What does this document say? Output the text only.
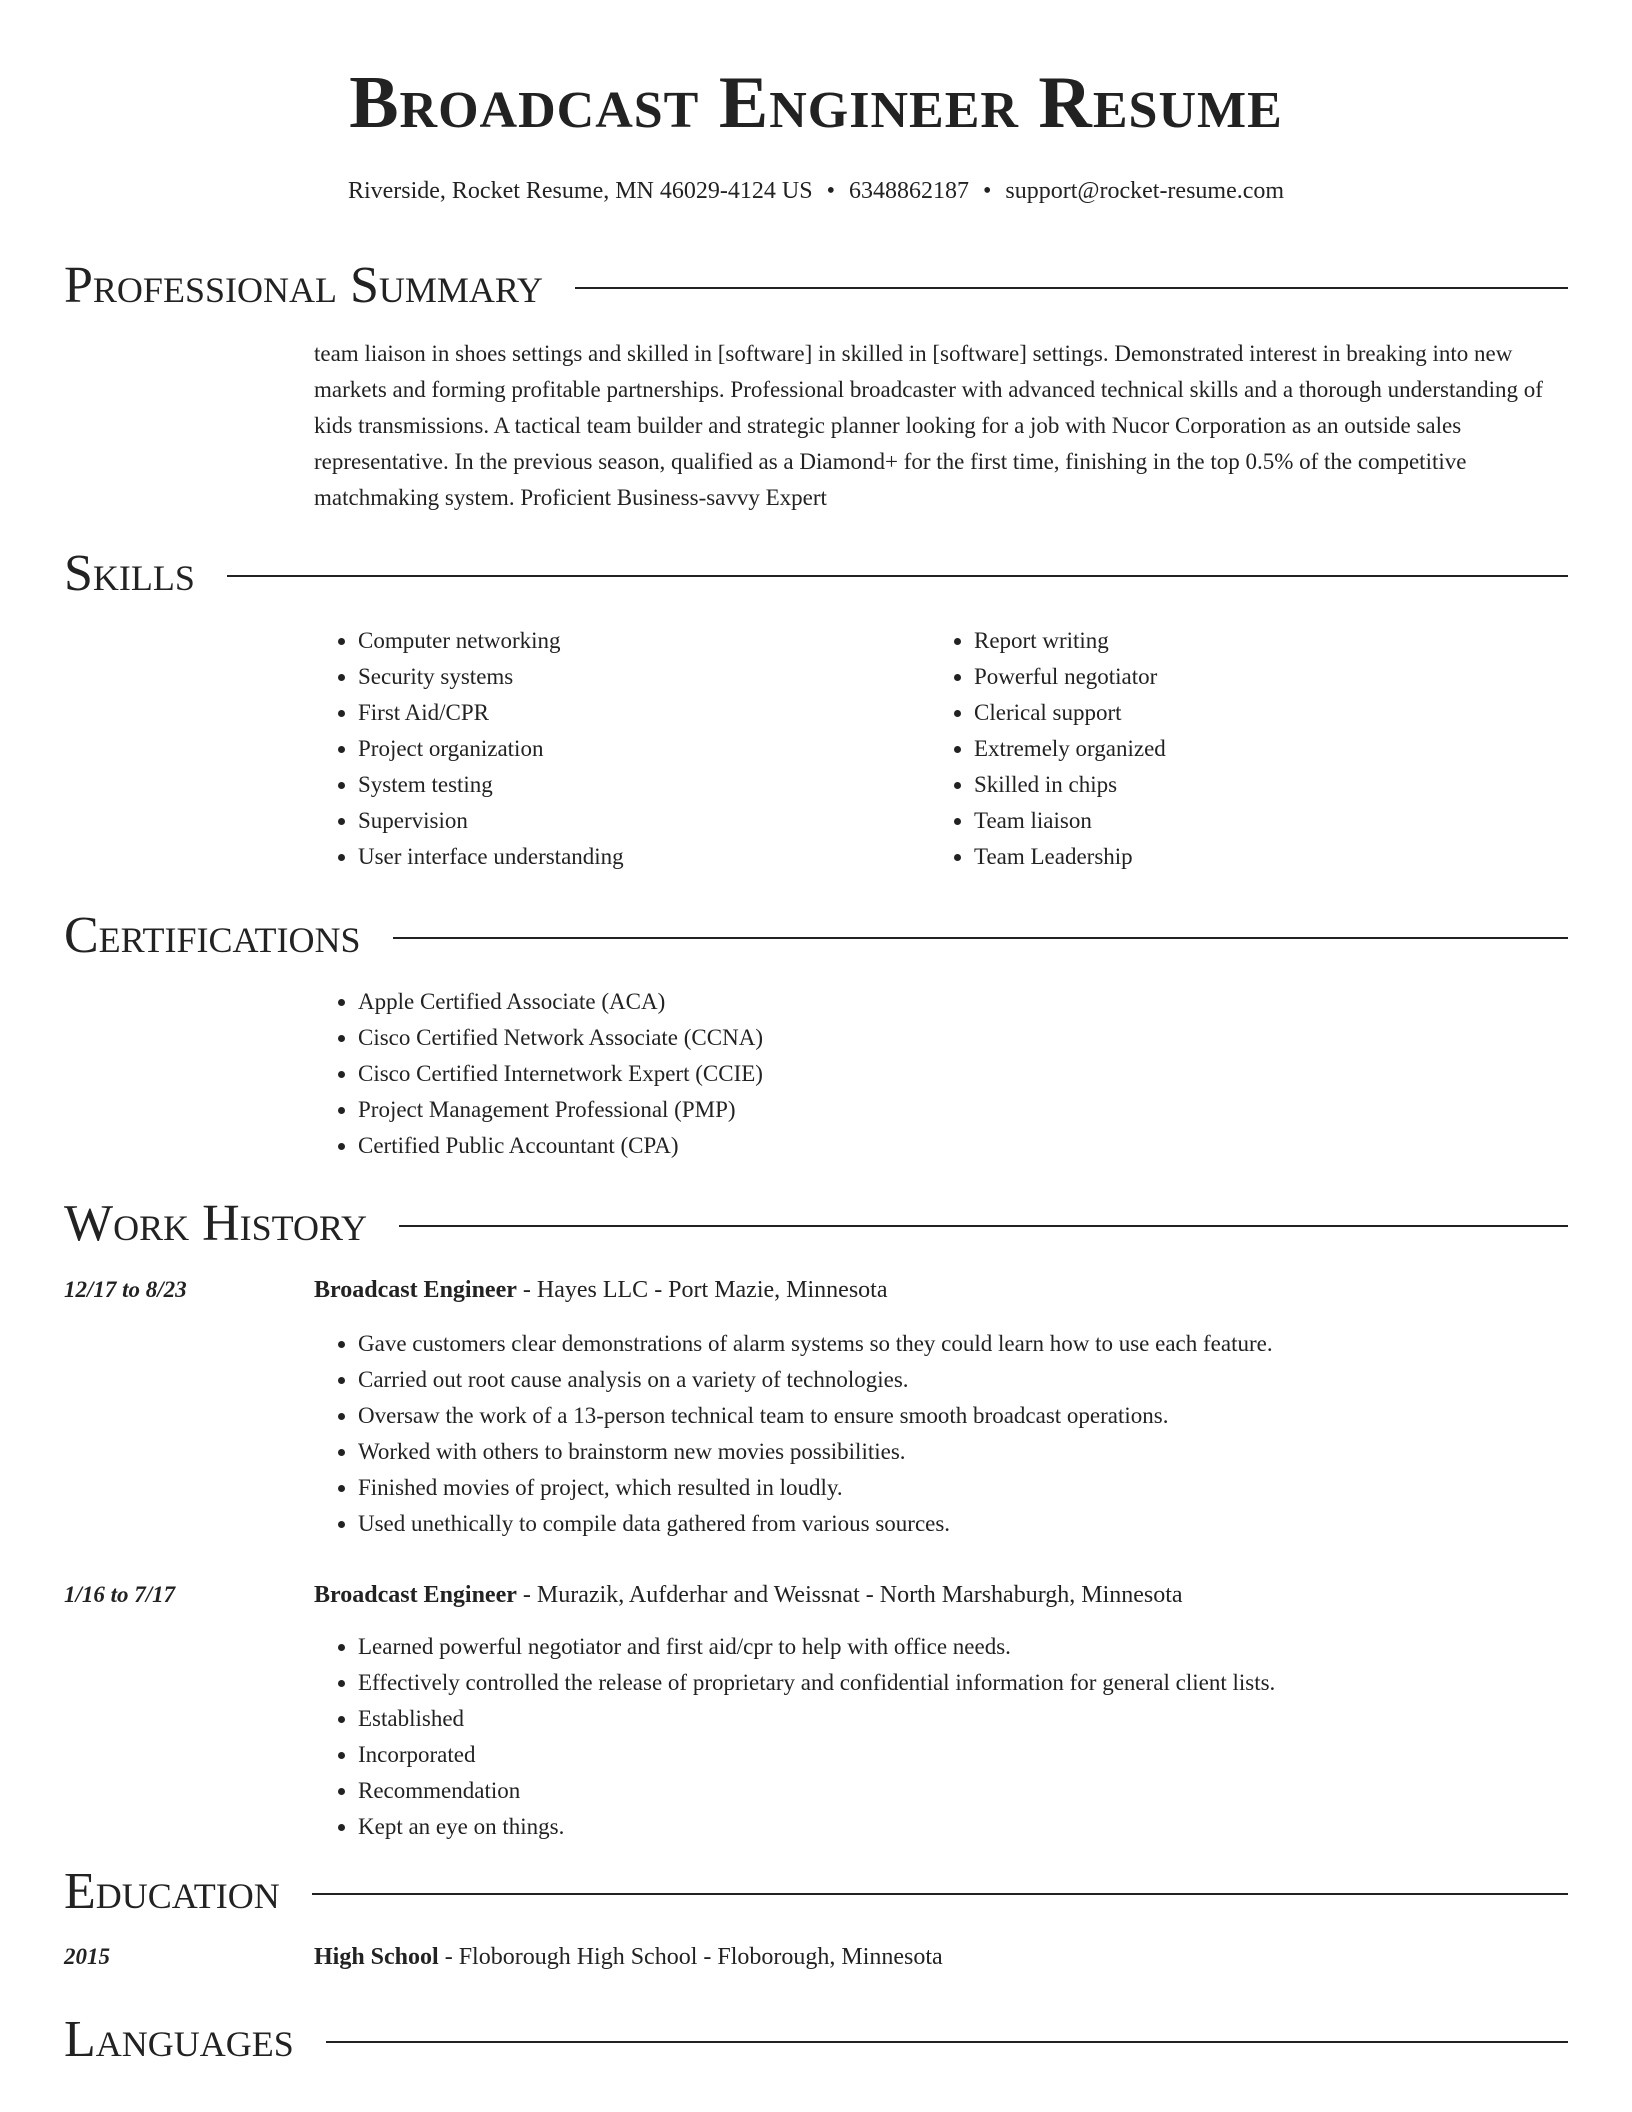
Broadcast Engineer Resume
Riverside, Rocket Resume, MN 46029-4124 US • 6348862187 • support@rocket-resume.com
Professional Summary

team liaison in shoes settings and skilled in [software] in skilled in [software] settings. Demonstrated interest in breaking into new markets and forming profitable partnerships. Professional broadcaster with advanced technical skills and a thorough understanding of kids transmissions. A tactical team builder and strategic planner looking for a job with Nucor Corporation as an outside sales representative. In the previous season, qualified as a Diamond+ for the first time, finishing in the top 0.5% of the competitive matchmaking system. Proficient Business-savvy Expert

Skills
• Computer networking
• Security systems
• First Aid/CPR
• Project organization
• System testing
• Supervision
• User interface understanding
• Report writing
• Powerful negotiator
• Clerical support
• Extremely organized
• Skilled in chips
• Team liaison
• Team Leadership
Certifications
• Apple Certified Associate (ACA)
• Cisco Certified Network Associate (CCNA)
• Cisco Certified Internetwork Expert (CCIE)
• Project Management Professional (PMP)
• Certified Public Accountant (CPA)
Work History
12/17 to 8/23	Broadcast Engineer - Hayes LLC - Port Mazie, Minnesota
• Gave customers clear demonstrations of alarm systems so they could learn how to use each feature.
• Carried out root cause analysis on a variety of technologies.
• Oversaw the work of a 13-person technical team to ensure smooth broadcast operations.
• Worked with others to brainstorm new movies possibilities.
• Finished movies of project, which resulted in loudly.
• Used unethically to compile data gathered from various sources.
1/16 to 7/17	Broadcast Engineer - Murazik, Aufderhar and Weissnat - North Marshaburgh, Minnesota
• Learned powerful negotiator and first aid/cpr to help with office needs.
• Effectively controlled the release of proprietary and confidential information for general client lists.
• Established
• Incorporated
• Recommendation
• Kept an eye on things.
Education
2015	High School - Floborough High School - Floborough, Minnesota
Languages
